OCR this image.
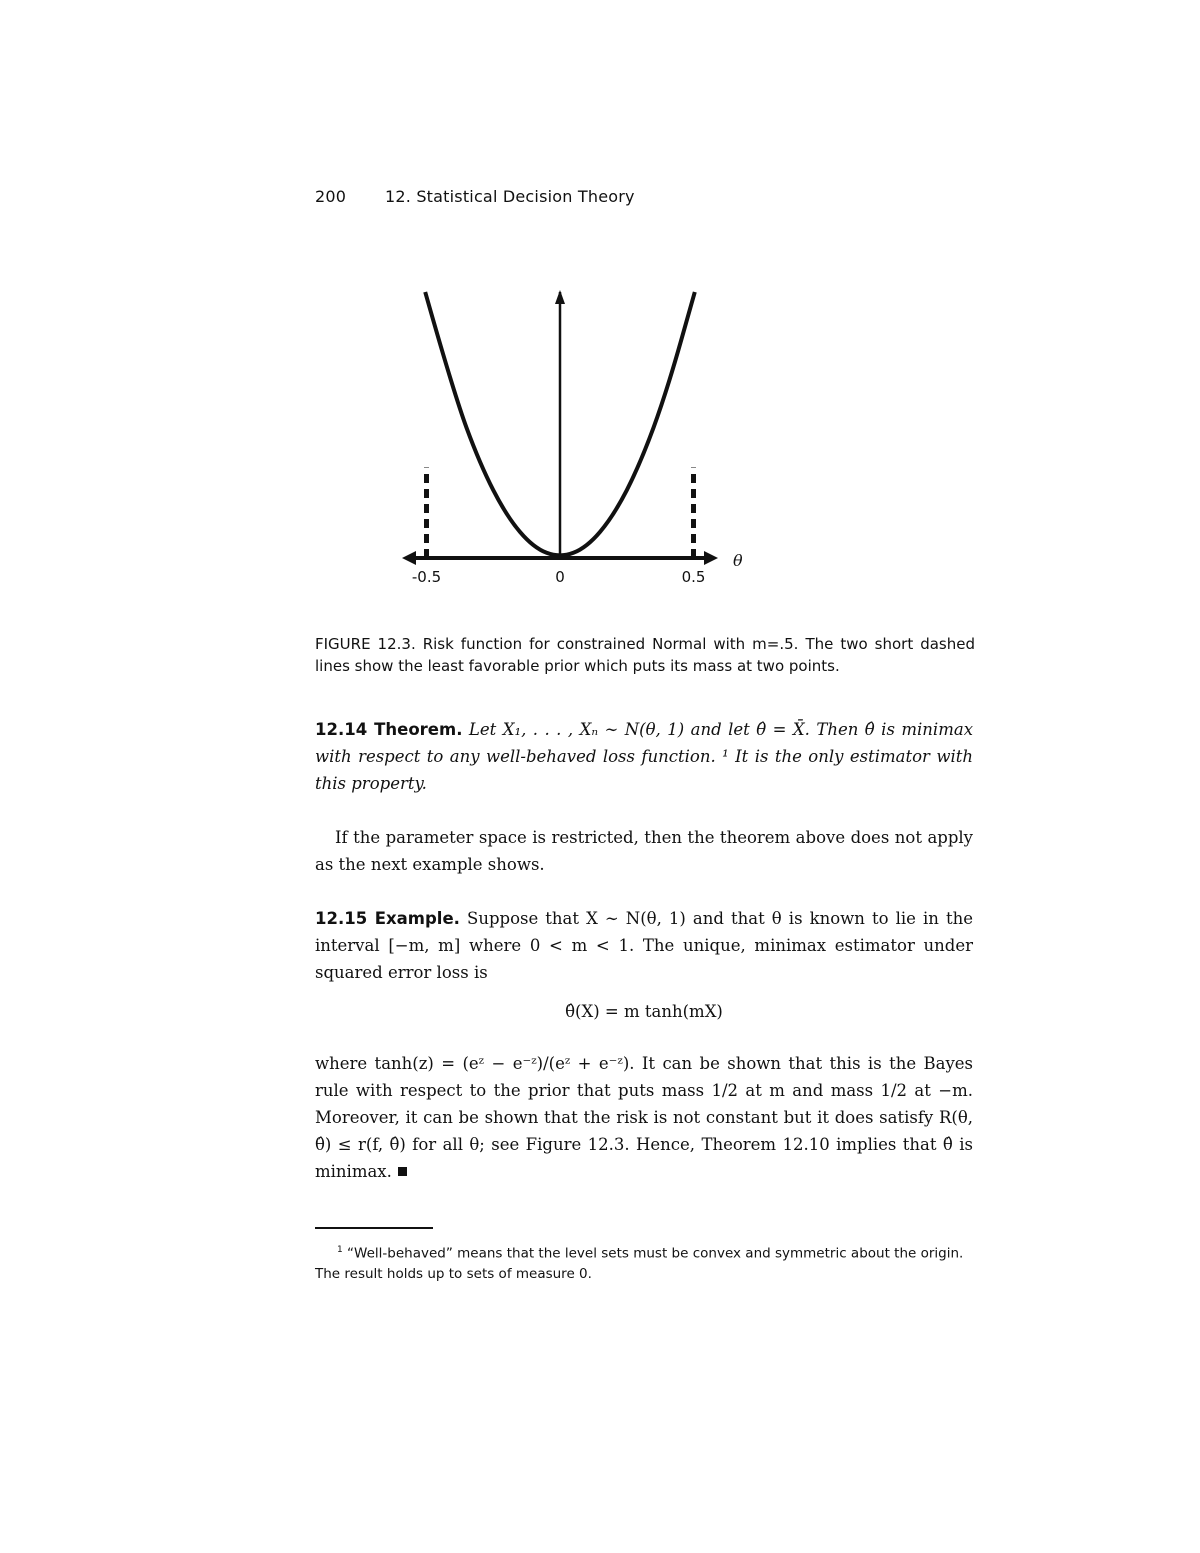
200 12. Statistical Decision Theory
-0.5	0	0.5
θ
FIGURE 12.3. Risk function for constrained Normal with m=.5. The two short dashed lines show the least favorable prior which puts its mass at two points.
12.14 Theorem. Let X₁, . . . , Xₙ ∼ N(θ, 1) and let θ̂ = X̄. Then θ̂ is minimax with respect to any well-behaved loss function. ¹ It is the only estimator with this property.
If the parameter space is restricted, then the theorem above does not apply as the next example shows.
12.15 Example. Suppose that X ∼ N(θ, 1) and that θ is known to lie in the interval [−m, m] where 0 < m < 1. The unique, minimax estimator under squared error loss is
θ̂(X) = m tanh(mX)
where tanh(z) = (eᶻ − e⁻ᶻ)/(eᶻ + e⁻ᶻ). It can be shown that this is the Bayes rule with respect to the prior that puts mass 1/2 at m and mass 1/2 at −m. Moreover, it can be shown that the risk is not constant but it does satisfy R(θ, θ̂) ≤ r(f, θ̂) for all θ; see Figure 12.3. Hence, Theorem 12.10 implies that θ̂ is minimax.
$^1$ “Well-behaved” means that the level sets must be convex and symmetric about the origin. The result holds up to sets of measure 0.
